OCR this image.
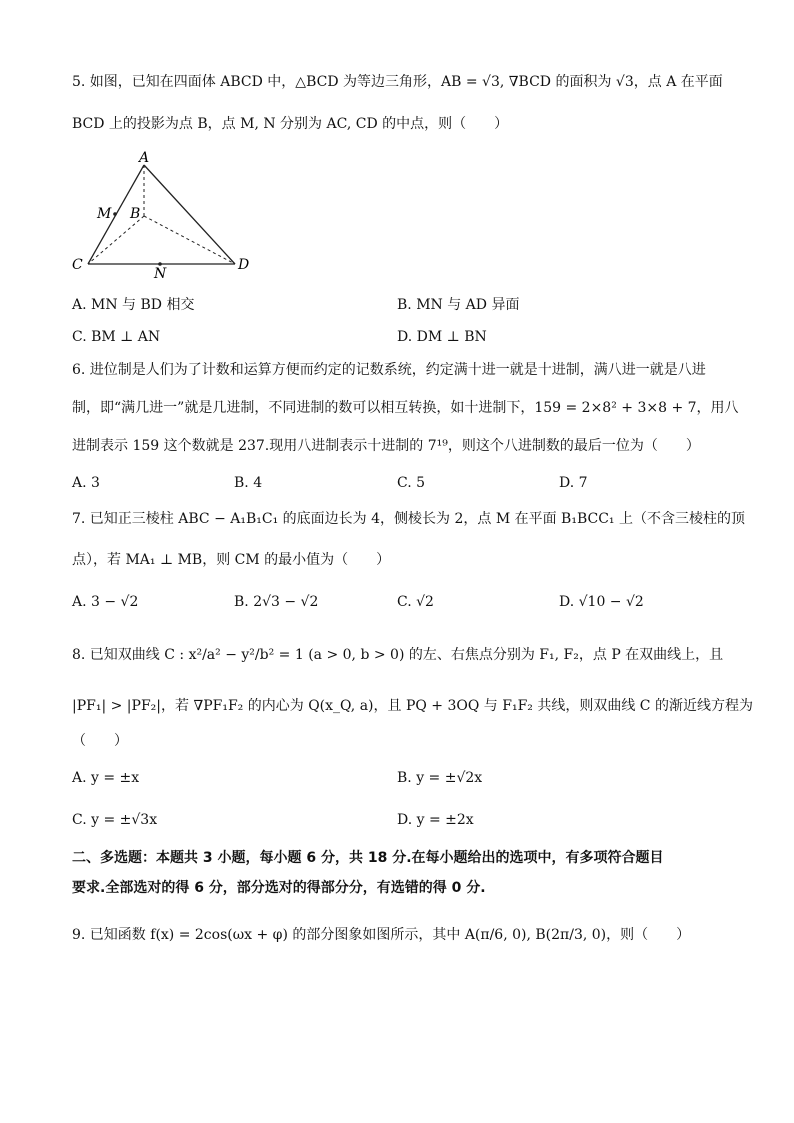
5. 如图，已知在四面体 ABCD 中，△BCD 为等边三角形，AB = √3, ∇BCD 的面积为 √3，点 A 在平面
BCD 上的投影为点 B，点 M, N 分别为 AC, CD 的中点，则（　　）
A
B
C	D
M
N
A. MN 与 BD 相交	B. MN 与 AD 异面
C. BM ⊥ AN	D. DM ⊥ BN
6. 进位制是人们为了计数和运算方便而约定的记数系统，约定满十进一就是十进制，满八进一就是八进
制，即“满几进一”就是几进制，不同进制的数可以相互转换，如十进制下，159 = 2×8² + 3×8 + 7，用八
进制表示 159 这个数就是 237.现用八进制表示十进制的 7¹⁹，则这个八进制数的最后一位为（　　）
A. 3	B. 4	C. 5	D. 7
7. 已知正三棱柱 ABC − A₁B₁C₁ 的底面边长为 4，侧棱长为 2，点 M 在平面 B₁BCC₁ 上（不含三棱柱的顶
点），若 MA₁ ⊥ MB，则 CM 的最小值为（　　）
A. 3 − √2	B. 2√3 − √2	C. √2	D. √10 − √2
8. 已知双曲线 C : x²/a² − y²/b² = 1 (a > 0, b > 0) 的左、右焦点分别为 F₁, F₂，点 P 在双曲线上，且
|PF₁| > |PF₂|，若 ∇PF₁F₂ 的内心为 Q(x_Q, a)，且 PQ + 3OQ 与 F₁F₂ 共线，则双曲线 C 的渐近线方程为
（　　）
A. y = ±x	B. y = ±√2x
C. y = ±√3x	D. y = ±2x
二、多选题：本题共 3 小题，每小题 6 分，共 18 分.在每小题给出的选项中，有多项符合题目
要求.全部选对的得 6 分，部分选对的得部分分，有选错的得 0 分.
9. 已知函数 f(x) = 2cos(ωx + φ) 的部分图象如图所示，其中 A(π/6, 0), B(2π/3, 0)，则（　　）
